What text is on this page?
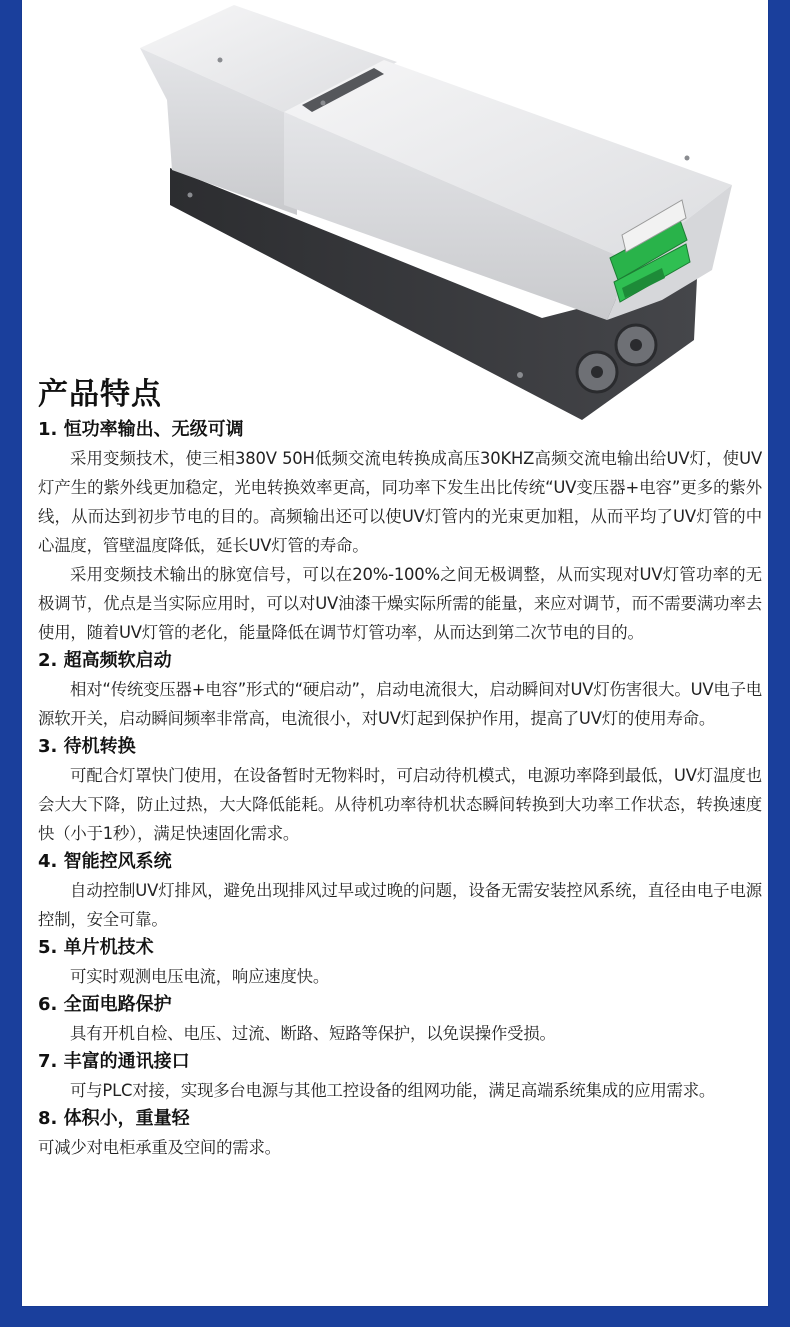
产品特点

1. 恒功率输出、无级可调

采用变频技术，使三相380V 50H低频交流电转换成高压30KHZ高频交流电输出给UV灯，使UV灯产生的紫外线更加稳定，光电转换效率更高，同功率下发生出比传统“UV变压器+电容”更多的紫外线，从而达到初步节电的目的。高频输出还可以使UV灯管内的光束更加粗，从而平均了UV灯管的中心温度，管壁温度降低，延长UV灯管的寿命。

采用变频技术输出的脉宽信号，可以在20%-100%之间无极调整，从而实现对UV灯管功率的无极调节，优点是当实际应用时，可以对UV油漆干燥实际所需的能量，来应对调节，而不需要满功率去使用，随着UV灯管的老化，能量降低在调节灯管功率，从而达到第二次节电的目的。

2. 超高频软启动

相对“传统变压器+电容”形式的“硬启动”，启动电流很大，启动瞬间对UV灯伤害很大。UV电子电源软开关，启动瞬间频率非常高，电流很小，对UV灯起到保护作用，提高了UV灯的使用寿命。

3. 待机转换

可配合灯罩快门使用，在设备暂时无物料时，可启动待机模式，电源功率降到最低，UV灯温度也会大大下降，防止过热，大大降低能耗。从待机功率待机状态瞬间转换到大功率工作状态，转换速度快（小于1秒），满足快速固化需求。

4. 智能控风系统

自动控制UV灯排风，避免出现排风过早或过晚的问题，设备无需安装控风系统，直径由电子电源控制，安全可靠。

5. 单片机技术

可实时观测电压电流，响应速度快。

6. 全面电路保护

具有开机自检、电压、过流、断路、短路等保护，以免误操作受损。

7. 丰富的通讯接口

可与PLC对接，实现多台电源与其他工控设备的组网功能，满足高端系统集成的应用需求。

8. 体积小，重量轻

可减少对电柜承重及空间的需求。
